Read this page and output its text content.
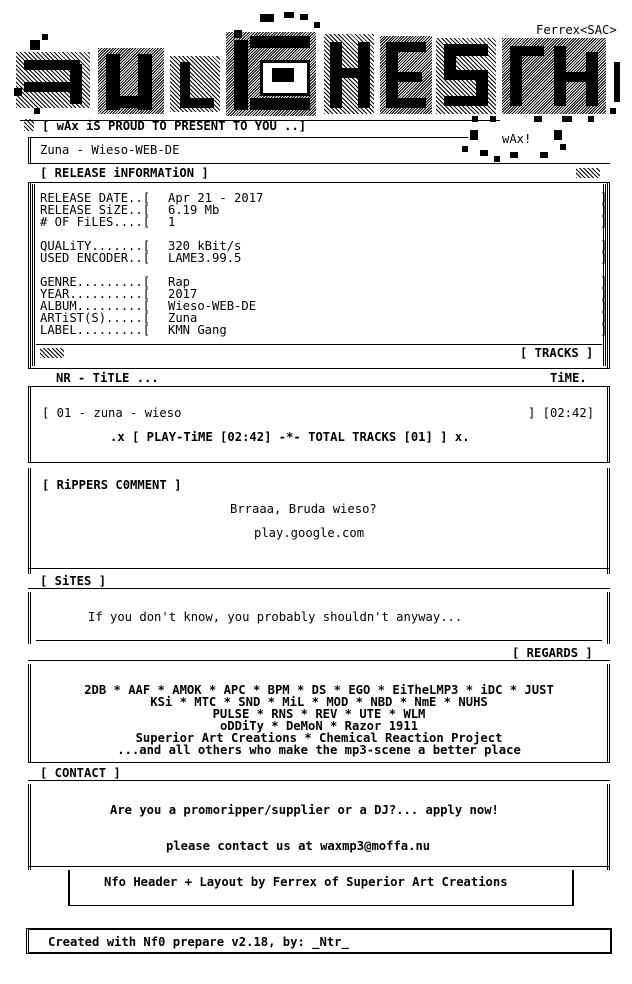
Ferrex<SAC>
wAx!
[ wAx iS PROUD TO PRESENT TO YOU ..]
Zuna - Wieso-WEB-DE
[ RELEASE iNFORMATiON ]
RELEASE DATE..[ Apr 21 - 2017	]
RELEASE SiZE..[ 6.19 Mb	]
# OF FiLES....[ 1	]
QUALiTY.......[ 320 kBit/s	]
USED ENCODER..[ LAME3.99.5	]
GENRE.........[ Rap	]
YEAR..........[ 2017	]
ALBUM.........[ Wieso-WEB-DE	]
ARTiST(S).....[ Zuna	]
LABEL.........[ KMN Gang	]
[ TRACKS ]
NR - TiTLE ...	TiME.
[ 01 - zuna - wieso	] [02:42]
.x [ PLAY-TiME [02:42] -*- TOTAL TRACKS [01] ] x.
[ RiPPERS C0MMENT ]
Brraaa, Bruda wieso?
play.google.com
[ SiTES ]
If you don't know, you probably shouldn't anyway...
[ REGARDS ]
2DB * AAF * AMOK * APC * BPM * DS * EGO * EiTheLMP3 * iDC * JUST
KSi * MTC * SND * MiL * MOD * NBD * NmE * NUHS
PULSE * RNS * REV * UTE * WLM
oDDiTy * DeMoN * Razor 1911
Superior Art Creations * Chemical Reaction Project
...and all others who make the mp3-scene a better place
[ CONTACT ]
Are you a promoripper/supplier or a DJ?... apply now!
please contact us at waxmp3@moffa.nu
Nfo Header + Layout by Ferrex of Superior Art Creations
Created with Nf0 prepare v2.18, by: _Ntr_
